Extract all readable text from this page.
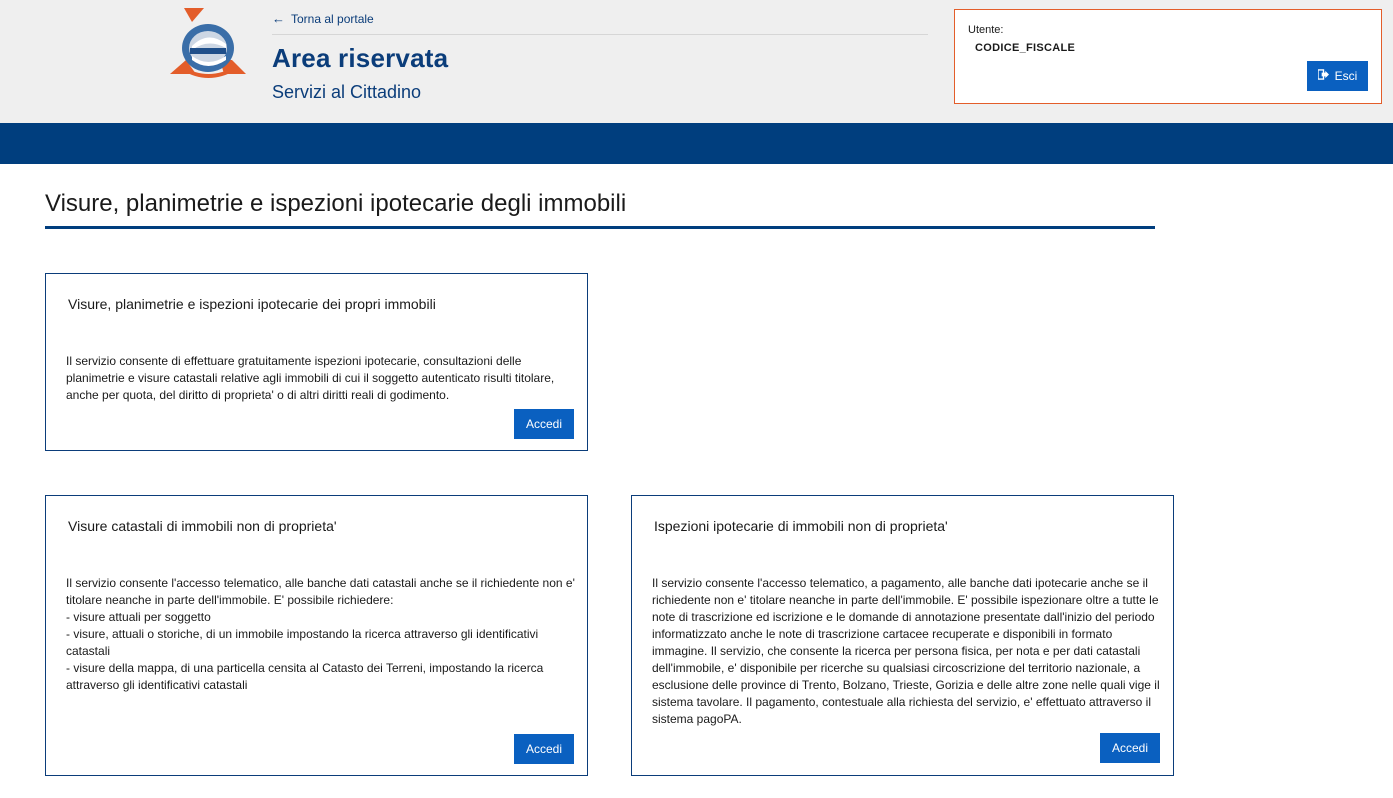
← Torna al portale
Area riservata
Servizi al Cittadino
Utente:
CODICE_FISCALE
Esci
Visure, planimetrie e ispezioni ipotecarie degli immobili
Visure, planimetrie e ispezioni ipotecarie dei propri immobili
Il servizio consente di effettuare gratuitamente ispezioni ipotecarie, consultazioni delle planimetrie e visure catastali relative agli immobili di cui il soggetto autenticato risulti titolare, anche per quota, del diritto di proprieta' o di altri diritti reali di godimento.
Accedi
Visure catastali di immobili non di proprieta'
Il servizio consente l'accesso telematico, alle banche dati catastali anche se il richiedente non e' titolare neanche in parte dell'immobile. E' possibile richiedere:
- visure attuali per soggetto
- visure, attuali o storiche, di un immobile impostando la ricerca attraverso gli identificativi catastali
- visure della mappa, di una particella censita al Catasto dei Terreni, impostando la ricerca attraverso gli identificativi catastali
Accedi
Ispezioni ipotecarie di immobili non di proprieta'
Il servizio consente l'accesso telematico, a pagamento, alle banche dati ipotecarie anche se il richiedente non e' titolare neanche in parte dell'immobile. E' possibile ispezionare oltre a tutte le note di trascrizione ed iscrizione e le domande di annotazione presentate dall'inizio del periodo informatizzato anche le note di trascrizione cartacee recuperate e disponibili in formato immagine. Il servizio, che consente la ricerca per persona fisica, per nota e per dati catastali dell'immobile, e' disponibile per ricerche su qualsiasi circoscrizione del territorio nazionale, a esclusione delle province di Trento, Bolzano, Trieste, Gorizia e delle altre zone nelle quali vige il sistema tavolare. Il pagamento, contestuale alla richiesta del servizio, e' effettuato attraverso il sistema pagoPA.
Accedi
